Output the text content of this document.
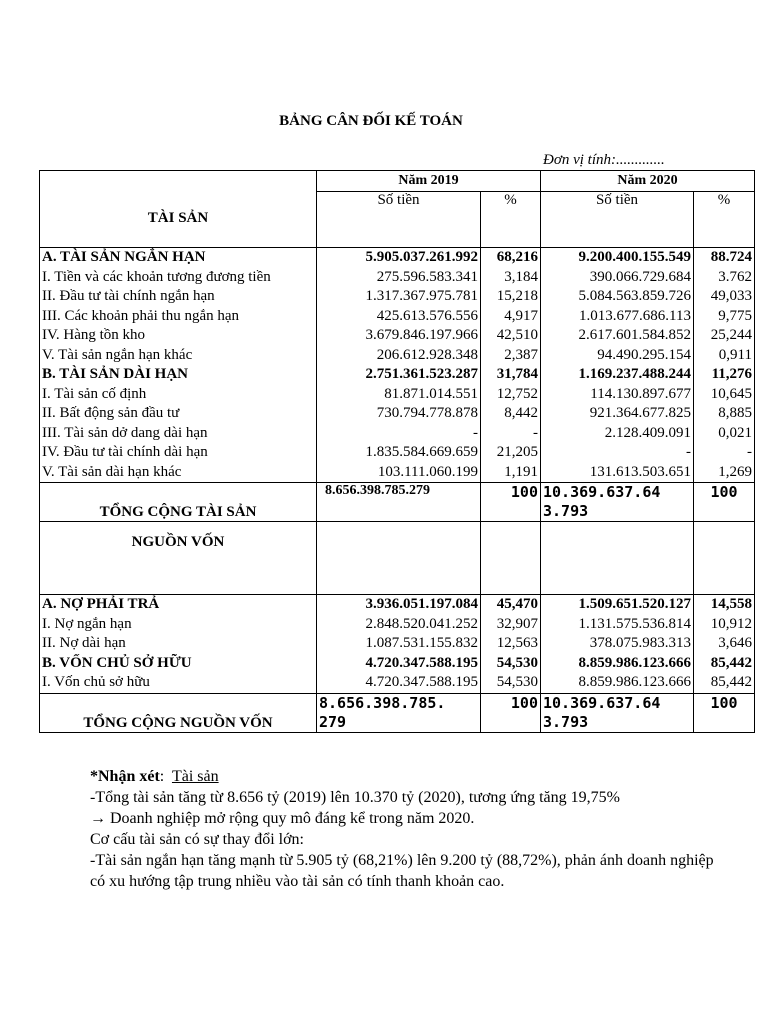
BẢNG CÂN ĐỐI KẾ TOÁN
Đơn vị tính:.............
TÀI SẢN	Năm 2019		Năm 2020	
	Số tiền	%	Số tiền	%
A. TÀI SẢN NGẮN HẠN	5.905.037.261.992	68,216	9.200.400.155.549	88.724
I. Tiền và các khoản tương đương tiền	275.596.583.341	3,184	390.066.729.684	3.762
II. Đầu tư tài chính ngắn hạn	1.317.367.975.781	15,218	5.084.563.859.726	49,033
III. Các khoản phải thu ngắn hạn	425.613.576.556	4,917	1.013.677.686.113	9,775
IV. Hàng tồn kho	3.679.846.197.966	42,510	2.617.601.584.852	25,244
V. Tài sản ngắn hạn khác	206.612.928.348	2,387	94.490.295.154	0,911
B. TÀI SẢN DÀI HẠN	2.751.361.523.287	31,784	1.169.237.488.244	11,276
I. Tài sản cố định	81.871.014.551	12,752	114.130.897.677	10,645
II. Bất động sản đầu tư	730.794.778.878	8,442	921.364.677.825	8,885
III. Tài sản dở dang dài hạn	-	-	2.128.409.091	0,021
IV. Đầu tư tài chính dài hạn	1.835.584.669.659	21,205	-	-
V. Tài sản dài hạn khác	103.111.060.199	1,191	131.613.503.651	1,269
TỔNG CỘNG TÀI SẢN	8.656.398.785.279	100	10.369.637.64 3.793	100
NGUỒN VỐN				
A. NỢ PHẢI TRẢ	3.936.051.197.084	45,470	1.509.651.520.127	14,558
I. Nợ ngắn hạn	2.848.520.041.252	32,907	1.131.575.536.814	10,912
II. Nợ dài hạn	1.087.531.155.832	12,563	378.075.983.313	3,646
B. VỐN CHỦ SỞ HỮU	4.720.347.588.195	54,530	8.859.986.123.666	85,442
I. Vốn chủ sở hữu	4.720.347.588.195	54,530	8.859.986.123.666	85,442
TỔNG CỘNG NGUỒN VỐN	8.656.398.785. 279	100	10.369.637.64 3.793	100

*Nhận xét: Tài sản

-Tổng tài sản tăng từ 8.656 tỷ (2019) lên 10.370 tỷ (2020), tương ứng tăng 19,75%

→ Doanh nghiệp mở rộng quy mô đáng kể trong năm 2020.

Cơ cấu tài sản có sự thay đổi lớn:

-Tài sản ngắn hạn tăng mạnh từ 5.905 tỷ (68,21%) lên 9.200 tỷ (88,72%), phản ánh doanh nghiệp có xu hướng tập trung nhiều vào tài sản có tính thanh khoản cao.
